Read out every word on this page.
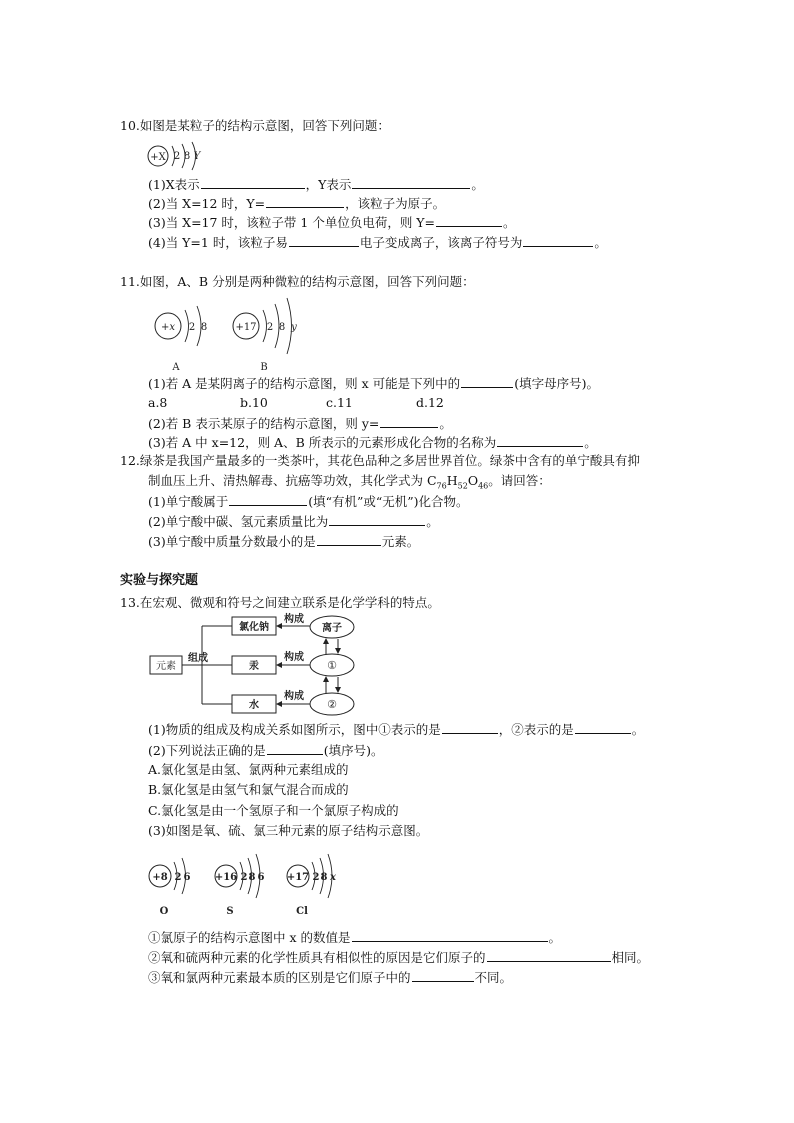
10.如图是某粒子的结构示意图，回答下列问题：
+X 2 8 Y
(1)X表示	，Y表示	。
(2)当 X=12 时，Y=	，该粒子为原子。
(3)当 X=17 时，该粒子带 1 个单位负电荷，则 Y=	。
(4)当 Y=1 时，该粒子易	电子变成离子，该离子符号为	。
11.如图，A、B 分别是两种微粒的结构示意图，回答下列问题：
+x 2 8
A
+17 2 8 y
B
(1)若 A 是某阴离子的结构示意图，则 x 可能是下列中的	(填字母序号)。
a.8	b.10	c.11	d.12
(2)若 B 表示某原子的结构示意图，则 y=	。
(3)若 A 中 x=12，则 A、B 所表示的元素形成化合物的名称为	。
12.绿茶是我国产量最多的一类茶叶，其花色品种之多居世界首位。绿茶中含有的单宁酸具有抑
制血压上升、清热解毒、抗癌等功效，其化学式为 $C_{76}H_{52}O_{46}$。请回答：
(1)单宁酸属于	(填“有机”或“无机”)化合物。
(2)单宁酸中碳、氢元素质量比为	。
(3)单宁酸中质量分数最小的是	元素。
实验与探究题
13.在宏观、微观和符号之间建立联系是化学学科的特点。
元素
组成
氯化钠
汞
水
构成
构成
构成
离子
①
②
(1)物质的组成及构成关系如图所示，图中①表示的是	，②表示的是	。
(2)下列说法正确的是	(填序号)。
A.氯化氢是由氢、氯两种元素组成的
B.氯化氢是由氢气和氯气混合而成的
C.氯化氢是由一个氢原子和一个氯原子构成的
(3)如图是氧、硫、氯三种元素的原子结构示意图。
+8 2 6
O
+16 2 8 6
S
+17 2 8 x
Cl
①氯原子的结构示意图中 x 的数值是	。
②氧和硫两种元素的化学性质具有相似性的原因是它们原子的	相同。
③氧和氯两种元素最本质的区别是它们原子中的	不同。
